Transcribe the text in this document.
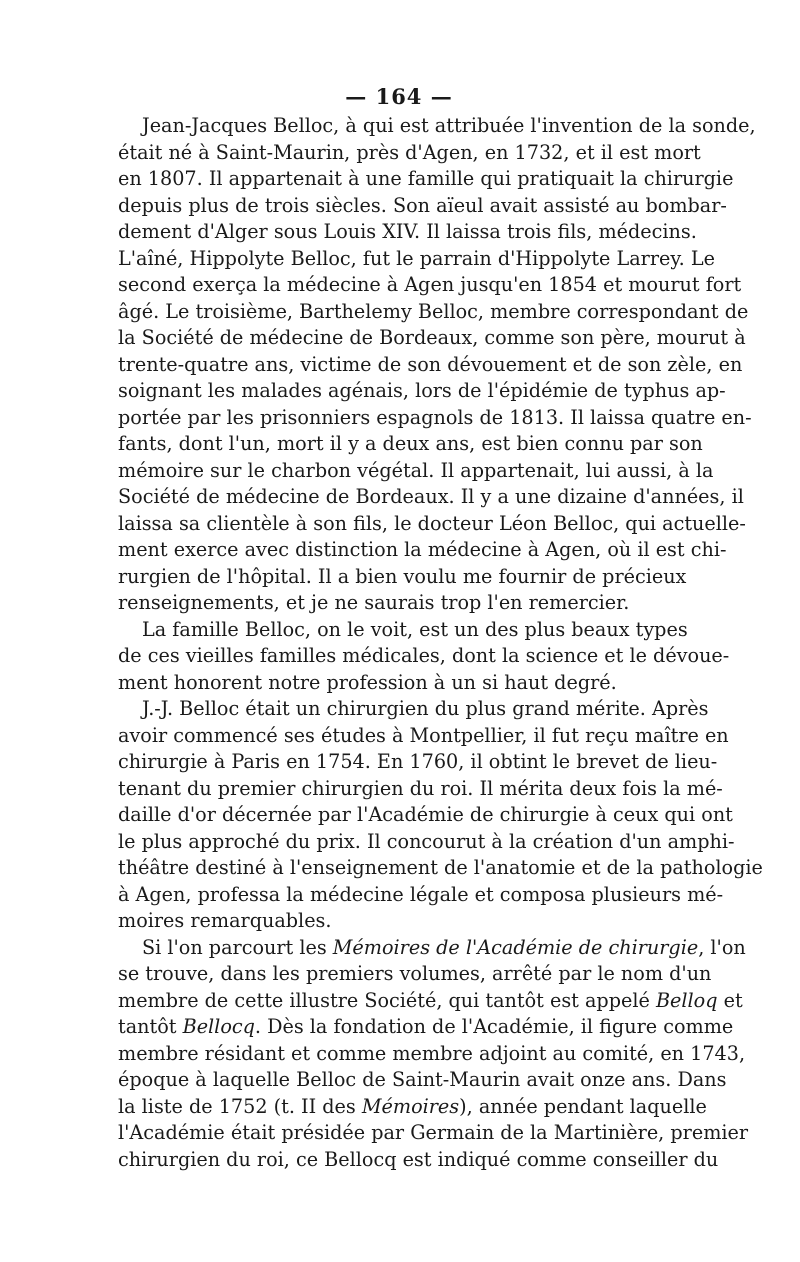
— 164 —
Jean-Jacques Belloc, à qui est attribuée l'invention de la sonde,
était né à Saint-Maurin, près d'Agen, en 1732, et il est mort
en 1807. Il appartenait à une famille qui pratiquait la chirurgie
depuis plus de trois siècles. Son aïeul avait assisté au bombar-
dement d'Alger sous Louis XIV. Il laissa trois fils, médecins.
L'aîné, Hippolyte Belloc, fut le parrain d'Hippolyte Larrey. Le
second exerça la médecine à Agen jusqu'en 1854 et mourut fort
âgé. Le troisième, Barthelemy Belloc, membre correspondant de
la Société de médecine de Bordeaux, comme son père, mourut à
trente-quatre ans, victime de son dévouement et de son zèle, en
soignant les malades agénais, lors de l'épidémie de typhus ap-
portée par les prisonniers espagnols de 1813. Il laissa quatre en-
fants, dont l'un, mort il y a deux ans, est bien connu par son
mémoire sur le charbon végétal. Il appartenait, lui aussi, à la
Société de médecine de Bordeaux. Il y a une dizaine d'années, il
laissa sa clientèle à son fils, le docteur Léon Belloc, qui actuelle-
ment exerce avec distinction la médecine à Agen, où il est chi-
rurgien de l'hôpital. Il a bien voulu me fournir de précieux
renseignements, et je ne saurais trop l'en remercier.
La famille Belloc, on le voit, est un des plus beaux types
de ces vieilles familles médicales, dont la science et le dévoue-
ment honorent notre profession à un si haut degré.
J.-J. Belloc était un chirurgien du plus grand mérite. Après
avoir commencé ses études à Montpellier, il fut reçu maître en
chirurgie à Paris en 1754. En 1760, il obtint le brevet de lieu-
tenant du premier chirurgien du roi. Il mérita deux fois la mé-
daille d'or décernée par l'Académie de chirurgie à ceux qui ont
le plus approché du prix. Il concourut à la création d'un amphi-
théâtre destiné à l'enseignement de l'anatomie et de la pathologie
à Agen, professa la médecine légale et composa plusieurs mé-
moires remarquables.
Si l'on parcourt les Mémoires de l'Académie de chirurgie, l'on
se trouve, dans les premiers volumes, arrêté par le nom d'un
membre de cette illustre Société, qui tantôt est appelé Belloq et
tantôt Bellocq. Dès la fondation de l'Académie, il figure comme
membre résidant et comme membre adjoint au comité, en 1743,
époque à laquelle Belloc de Saint-Maurin avait onze ans. Dans
la liste de 1752 (t. II des Mémoires), année pendant laquelle
l'Académie était présidée par Germain de la Martinière, premier
chirurgien du roi, ce Bellocq est indiqué comme conseiller du
